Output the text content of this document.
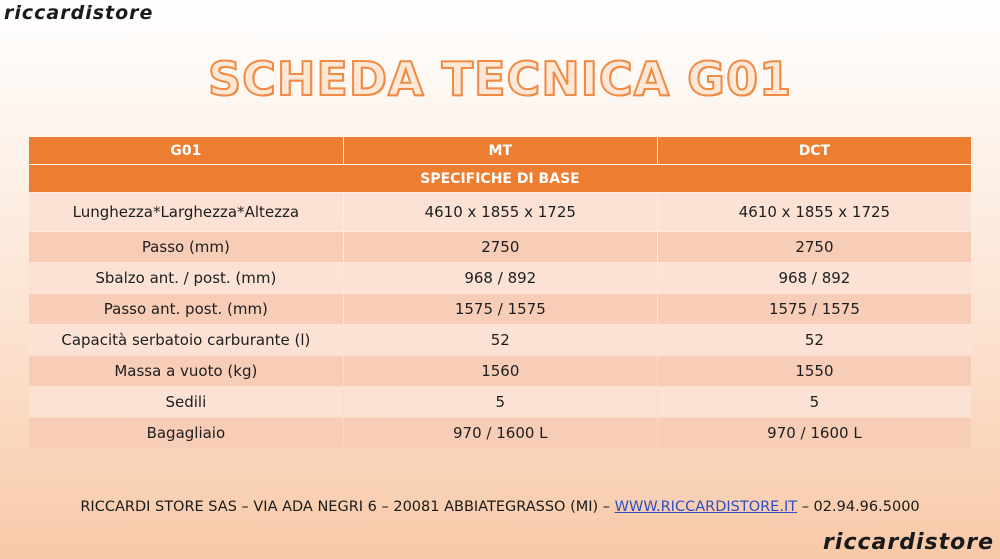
riccardistore
SCHEDA TECNICA G01
G01	MT	DCT
SPECIFICHE DI BASE		
Lunghezza*Larghezza*Altezza	4610 x 1855 x 1725	4610 x 1855 x 1725
Passo (mm)	2750	2750
Sbalzo ant. / post. (mm)	968 / 892	968 / 892
Passo ant. post. (mm)	1575 / 1575	1575 / 1575
Capacità serbatoio carburante (l)	52	52
Massa a vuoto (kg)	1560	1550
Sedili	5	5
Bagagliaio	970 / 1600 L	970 / 1600 L
RICCARDI STORE SAS – VIA ADA NEGRI 6 – 20081 ABBIATEGRASSO (MI) – WWW.RICCARDISTORE.IT – 02.94.96.5000
riccardistore
